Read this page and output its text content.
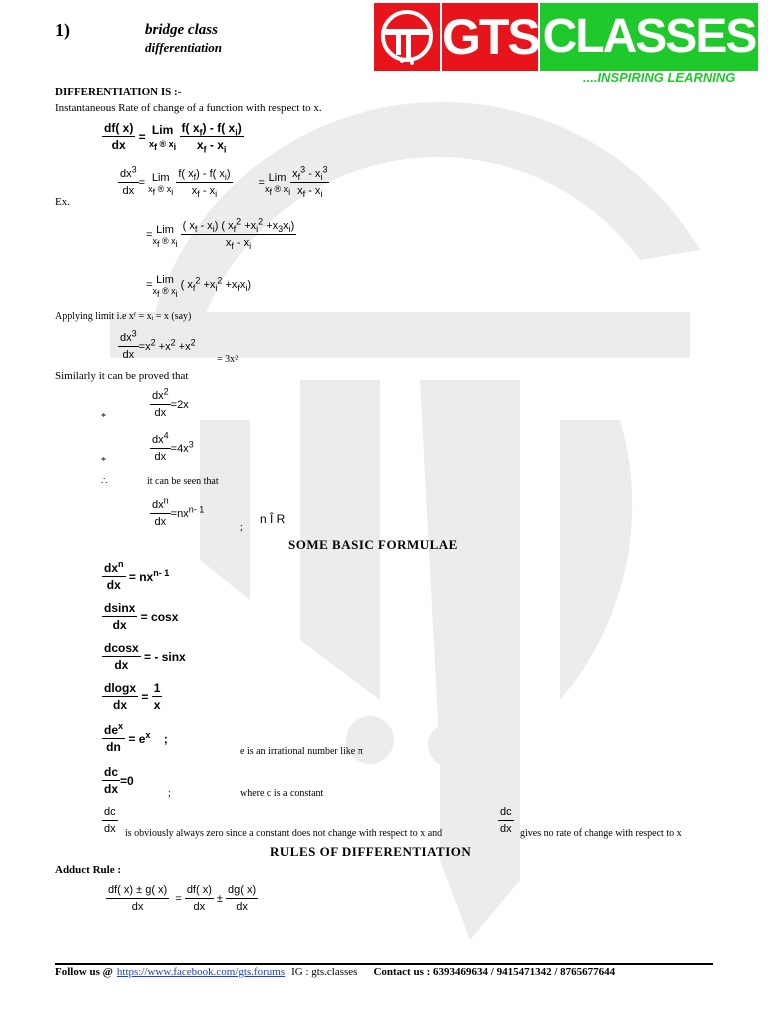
1)	bridge class
differentiation	GTS CLASSES
....INSPIRING LEARNING
DIFFERENTIATION IS :-
Instantaneous Rate of change of a function with respect to x.
$\frac{df( x)}{dx}$ = Lim
$x_f$ ® $x_i$
$\frac{f( x_f) - f( x_i)}{x_f - x_i}$
$\frac{dx^3}{dx}$ = Lim
$x_f$ ® $x_i$
$\frac{f( x_f) - f( x_i)}{x_f - x_i}$ = Lim
$x_f$ ® $x_i \frac{x_f^3 - x_i^3}{x_f - x_i}$
Ex.
= Lim
$x_f$ ® $x_i$
$\frac{( x_f - x_i) ( x_f^2 +x_i^2 +x_3x_i)}{x_f - x_i}$
= Lim
$x_f$ ® $x_i$
( $x_f^2 +x_i^2 +x_fx_i$)
Applying limit i.e xᶠ = xᵢ = x (say)
$\frac{dx^3}{dx} =x^2 +x^2 +x^2$
= 3x²
Similarly it can be proved that
$\frac{dx^2}{dx} =2x$
*
$\frac{dx^4}{dx} =4x^3$
*
∴	it can be seen that
$\frac{dx^n}{dx} =nx^{n- 1}$
;
n Î R
SOME BASIC FORMULAE
$\frac{dx^n}{dx} = nx^{n- 1}$
$\frac{dsinx}{dx} = \cos x$
$\frac{dcosx}{dx}$ = - sinx
$\frac{dlogx}{dx} = \frac{1}{x}$
$\frac{de^x}{dn} = e^x$    ;
e is an irrational number like π
$\frac{dc}{dx} =0$
;	where c is a constant
$\frac{dc}{dx}$ is obviously always zero since a constant does not change with respect to x and	$\frac{dc}{dx}$ gives no rate of change with respect to x
RULES OF DIFFERENTIATION
Adduct Rule :
$\frac{df( x) \pm g( x)}{dx} = \frac{df( x)}{dx} \pm \frac{dg( x)}{dx}$
Follow us @ https://www.facebook.com/gts.forums IG : gts.classes Contact us : 6393469634 / 9415471342 / 8765677644
